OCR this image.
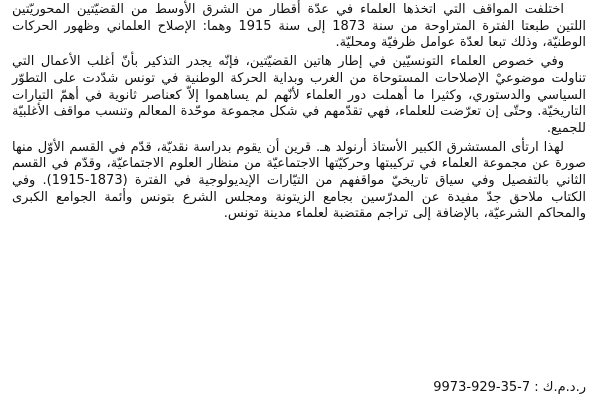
اختلفت المواقف التي اتخذها العلماء في عدّة أقطار من الشرق الأوسط من القضيّتين المحوريّتين اللتين طبعتا الفترة المتراوحة من سنة 1873 إلى سنة 1915 وهما: الإصلاح العلماني وظهور الحركات الوطنيّة، وذلك تبعا لعدّة عوامل ظرفيّة ومحليّة.

وفي خصوص العلماء التونسيّين في إطار هاتين القضيّتين، فإنّه يجدر التذكير بأنّ أغلب الأعمال التي تناولت موضوعيْ الإصلاحات المستوحاة من الغرب وبداية الحركة الوطنية في تونس شدّدت على التطوّر السياسي والدستوري، وكثيرا ما أهملت دور العلماء لأنّهم لم يساهموا إلاّ كعناصر ثانوية في أهمّ التيارات التاريخيّة. وحتّى إن تعرّضت للعلماء، فهي تقدّمهم في شكل مجموعة موحّدة المعالم وتنسب مواقف الأغلبيّة للجميع.

لهذا ارتأى المستشرق الكبير الأستاذ أرنولد هـ. قرين أن يقوم بدراسة نقديّة، قدّم في القسم الأوّل منها صورة عن مجموعة العلماء في تركيبتها وحركيّتها الاجتماعيّة من منظار العلوم الاجتماعيّة، وقدّم في القسم الثاني بالتفصيل وفي سياق تاريخيّ مواقفهم من التيّارات الإيديولوجية في الفترة (1873-1915). وفي الكتاب ملاحق جدّ مفيدة عن المدرّسين بجامع الزيتونة ومجلس الشرع بتونس وأئمة الجوامع الكبرى والمحاكم الشرعيّة، بالإضافة إلى تراجم مقتضبة لعلماء مدينة تونس.

ر.د.م.ك : 7-35-929-9973
